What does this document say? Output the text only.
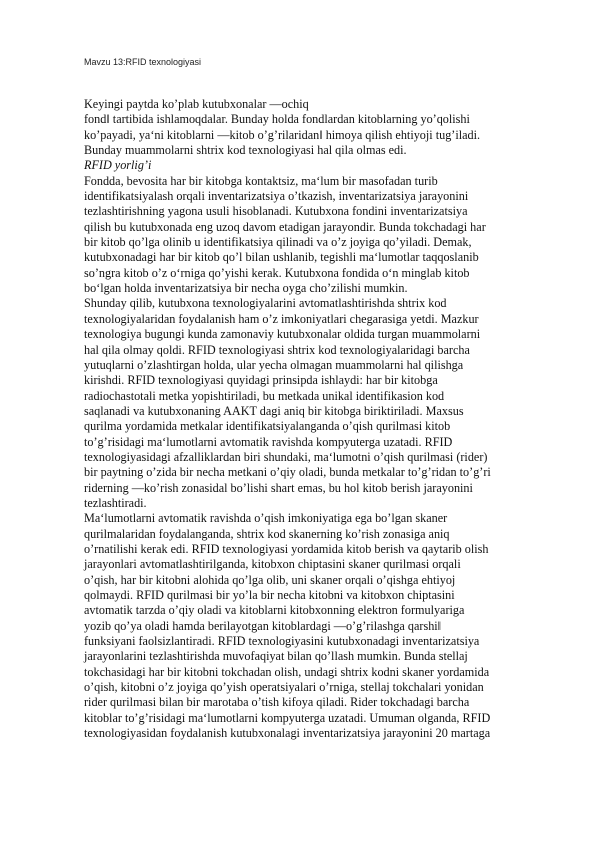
Mavzu 13:RFID texnologiyasi
Keyingi paytda ko’plab kutubxonalar ―ochiq
fond‖ tartibida ishlamoqdalar. Bunday holda fondlardan kitoblarning yo’qolishi
ko’payadi, ya‘ni kitoblarni ―kitob o’g’rilaridan‖ himoya qilish ehtiyoji tug’iladi.
Bunday muammolarni shtrix kod texnologiyasi hal qila olmas edi.
RFID yorlig’i
Fondda, bevosita har bir kitobga kontaktsiz, ma‘lum bir masofadan turib
identifikatsiyalash orqali inventarizatsiya o’tkazish, inventarizatsiya jarayonini
tezlashtirishning yagona usuli hisoblanadi. Kutubxona fondini inventarizatsiya
qilish bu kutubxonada eng uzoq davom etadigan jarayondir. Bunda tokchadagi har
bir kitob qo’lga olinib u identifikatsiya qilinadi va o’z joyiga qo’yiladi. Demak,
kutubxonadagi har bir kitob qo’l bilan ushlanib, tegishli ma‘lumotlar taqqoslanib
so’ngra kitob o’z o‘rniga qo’yishi kerak. Kutubxona fondida o‘n minglab kitob
bo‘lgan holda inventarizatsiya bir necha oyga cho’zilishi mumkin.
Shunday qilib, kutubxona texnologiyalarini avtomatlashtirishda shtrix kod
texnologiyalaridan foydalanish ham o’z imkoniyatlari chegarasiga yetdi. Mazkur
texnologiya bugungi kunda zamonaviy kutubxonalar oldida turgan muammolarni
hal qila olmay qoldi. RFID texnologiyasi shtrix kod texnologiyalaridagi barcha
yutuqlarni o’zlashtirgan holda, ular yecha olmagan muammolarni hal qilishga
kirishdi. RFID texnologiyasi quyidagi prinsipda ishlaydi: har bir kitobga
radiochastotali metka yopishtiriladi, bu metkada unikal identifikasion kod
saqlanadi va kutubxonaning AAKT dagi aniq bir kitobga biriktiriladi. Maxsus
qurilma yordamida metkalar identifikatsiyalanganda o’qish qurilmasi kitob
to’g’risidagi ma‘lumotlarni avtomatik ravishda kompyuterga uzatadi. RFID
texnologiyasidagi afzalliklardan biri shundaki, ma‘lumotni o’qish qurilmasi (rider)
bir paytning o’zida bir necha metkani o’qiy oladi, bunda metkalar to’g’ridan to’g’ri
riderning ―ko’rish zonasidal bo’lishi shart emas, bu hol kitob berish jarayonini
tezlashtiradi.
Ma‘lumotlarni avtomatik ravishda o’qish imkoniyatiga ega bo’lgan skaner
qurilmalaridan foydalanganda, shtrix kod skanerning ko’rish zonasiga aniq
o’rnatilishi kerak edi. RFID texnologiyasi yordamida kitob berish va qaytarib olish
jarayonlari avtomatlashtirilganda, kitobxon chiptasini skaner qurilmasi orqali
o’qish, har bir kitobni alohida qo’lga olib, uni skaner orqali o’qishga ehtiyoj
qolmaydi. RFID qurilmasi bir yo’la bir necha kitobni va kitobxon chiptasini
avtomatik tarzda o’qiy oladi va kitoblarni kitobxonning elektron formulyariga
yozib qo’ya oladi hamda berilayotgan kitoblardagi ―o’g’rilashga qarshi‖
funksiyani faolsizlantiradi. RFID texnologiyasini kutubxonadagi inventarizatsiya
jarayonlarini tezlashtirishda muvofaqiyat bilan qo’llash mumkin. Bunda stellaj
tokchasidagi har bir kitobni tokchadan olish, undagi shtrix kodni skaner yordamida
o’qish, kitobni o’z joyiga qo’yish operatsiyalari o’rniga, stellaj tokchalari yonidan
rider qurilmasi bilan bir marotaba o’tish kifoya qiladi. Rider tokchadagi barcha
kitoblar to’g’risidagi ma‘lumotlarni kompyuterga uzatadi. Umuman olganda, RFID
texnologiyasidan foydalanish kutubxonalagi inventarizatsiya jarayonini 20 martaga
